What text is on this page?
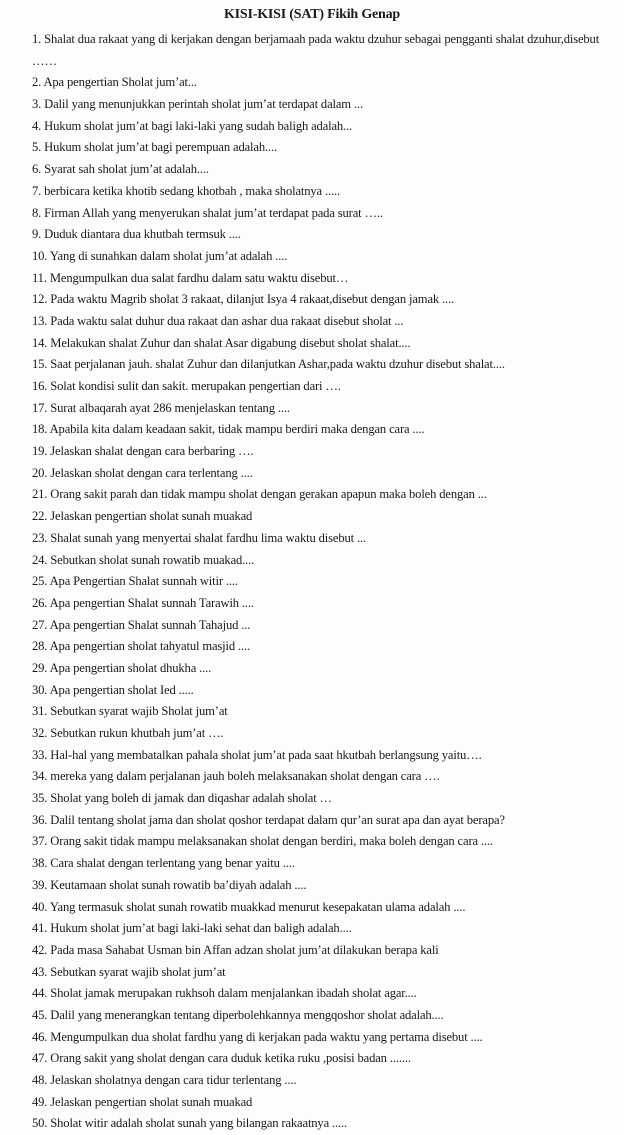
KISI-KISI (SAT) Fikih Genap
1. Shalat dua rakaat yang di kerjakan dengan berjamaah pada waktu dzuhur sebagai pengganti shalat dzuhur,disebut ……
2. Apa pengertian Sholat jum’at...
3. Dalil yang menunjukkan perintah sholat jum’at terdapat dalam ...
4. Hukum sholat jum’at bagi laki-laki yang sudah baligh adalah...
5. Hukum sholat jum’at bagi perempuan adalah....
6. Syarat sah sholat jum’at adalah....
7. berbicara ketika khotib sedang khotbah , maka sholatnya .....
8. Firman Allah yang menyerukan shalat jum’at terdapat pada surat …..
9. Duduk diantara dua khutbah termsuk ....
10. Yang di sunahkan dalam sholat jum’at adalah ....
11. Mengumpulkan dua salat fardhu dalam satu waktu disebut…
12. Pada waktu Magrib sholat 3 rakaat, dilanjut Isya 4 rakaat,disebut dengan jamak ....
13. Pada waktu salat duhur dua rakaat dan ashar dua rakaat disebut sholat ...
14. Melakukan shalat Zuhur dan shalat Asar digabung disebut sholat shalat....
15. Saat perjalanan jauh. shalat Zuhur dan dilanjutkan Ashar,pada waktu dzuhur disebut shalat....
16. Solat kondisi sulit dan sakit. merupakan pengertian dari ….
17. Surat albaqarah ayat 286 menjelaskan tentang ....
18. Apabila kita dalam keadaan sakit, tidak mampu berdiri maka dengan cara ....
19. Jelaskan shalat dengan cara berbaring ….
20. Jelaskan sholat dengan cara terlentang ....
21. Orang sakit parah dan tidak mampu sholat dengan gerakan apapun maka boleh dengan ...
22. Jelaskan pengertian sholat sunah muakad
23. Shalat sunah yang menyertai shalat fardhu lima waktu disebut ...
24. Sebutkan sholat sunah rowatib muakad....
25. Apa Pengertian Shalat sunnah witir ....
26. Apa pengertian Shalat sunnah Tarawih ....
27. Apa pengertian Shalat sunnah Tahajud ...
28. Apa pengertian sholat tahyatul masjid ....
29. Apa pengertian sholat dhukha ....
30. Apa pengertian sholat Ied .....
31. Sebutkan syarat wajib Sholat jum’at
32. Sebutkan rukun khutbah jum’at ….
33. Hal-hal yang membatalkan pahala sholat jum’at pada saat hkutbah berlangsung yaitu….
34. mereka yang dalam perjalanan jauh boleh melaksanakan sholat dengan cara ….
35. Sholat yang boleh di jamak dan diqashar adalah sholat …
36. Dalil tentang sholat jama dan sholat qoshor terdapat dalam qur’an surat apa dan ayat berapa?
37. Orang sakit tidak mampu melaksanakan sholat dengan berdiri, maka boleh dengan cara ....
38. Cara shalat dengan terlentang yang benar yaitu ....
39. Keutamaan sholat sunah rowatib ba’diyah adalah ....
40. Yang termasuk sholat sunah rowatib muakkad menurut kesepakatan ulama adalah ....
41. Hukum sholat jum’at bagi laki-laki sehat dan baligh adalah....
42. Pada masa Sahabat Usman bin Affan adzan sholat jum’at dilakukan berapa kali
43. Sebutkan syarat wajib sholat jum’at
44. Sholat jamak merupakan rukhsoh dalam menjalankan ibadah sholat agar....
45. Dalil yang menerangkan tentang diperbolehkannya mengqoshor sholat adalah....
46. Mengumpulkan dua sholat fardhu yang di kerjakan pada waktu yang pertama disebut ....
47. Orang sakit yang sholat dengan cara duduk ketika ruku ,posisi badan .......
48. Jelaskan sholatnya dengan cara tidur terlentang ....
49. Jelaskan pengertian sholat sunah muakad
50. Sholat witir adalah sholat sunah yang bilangan rakaatnya .....
